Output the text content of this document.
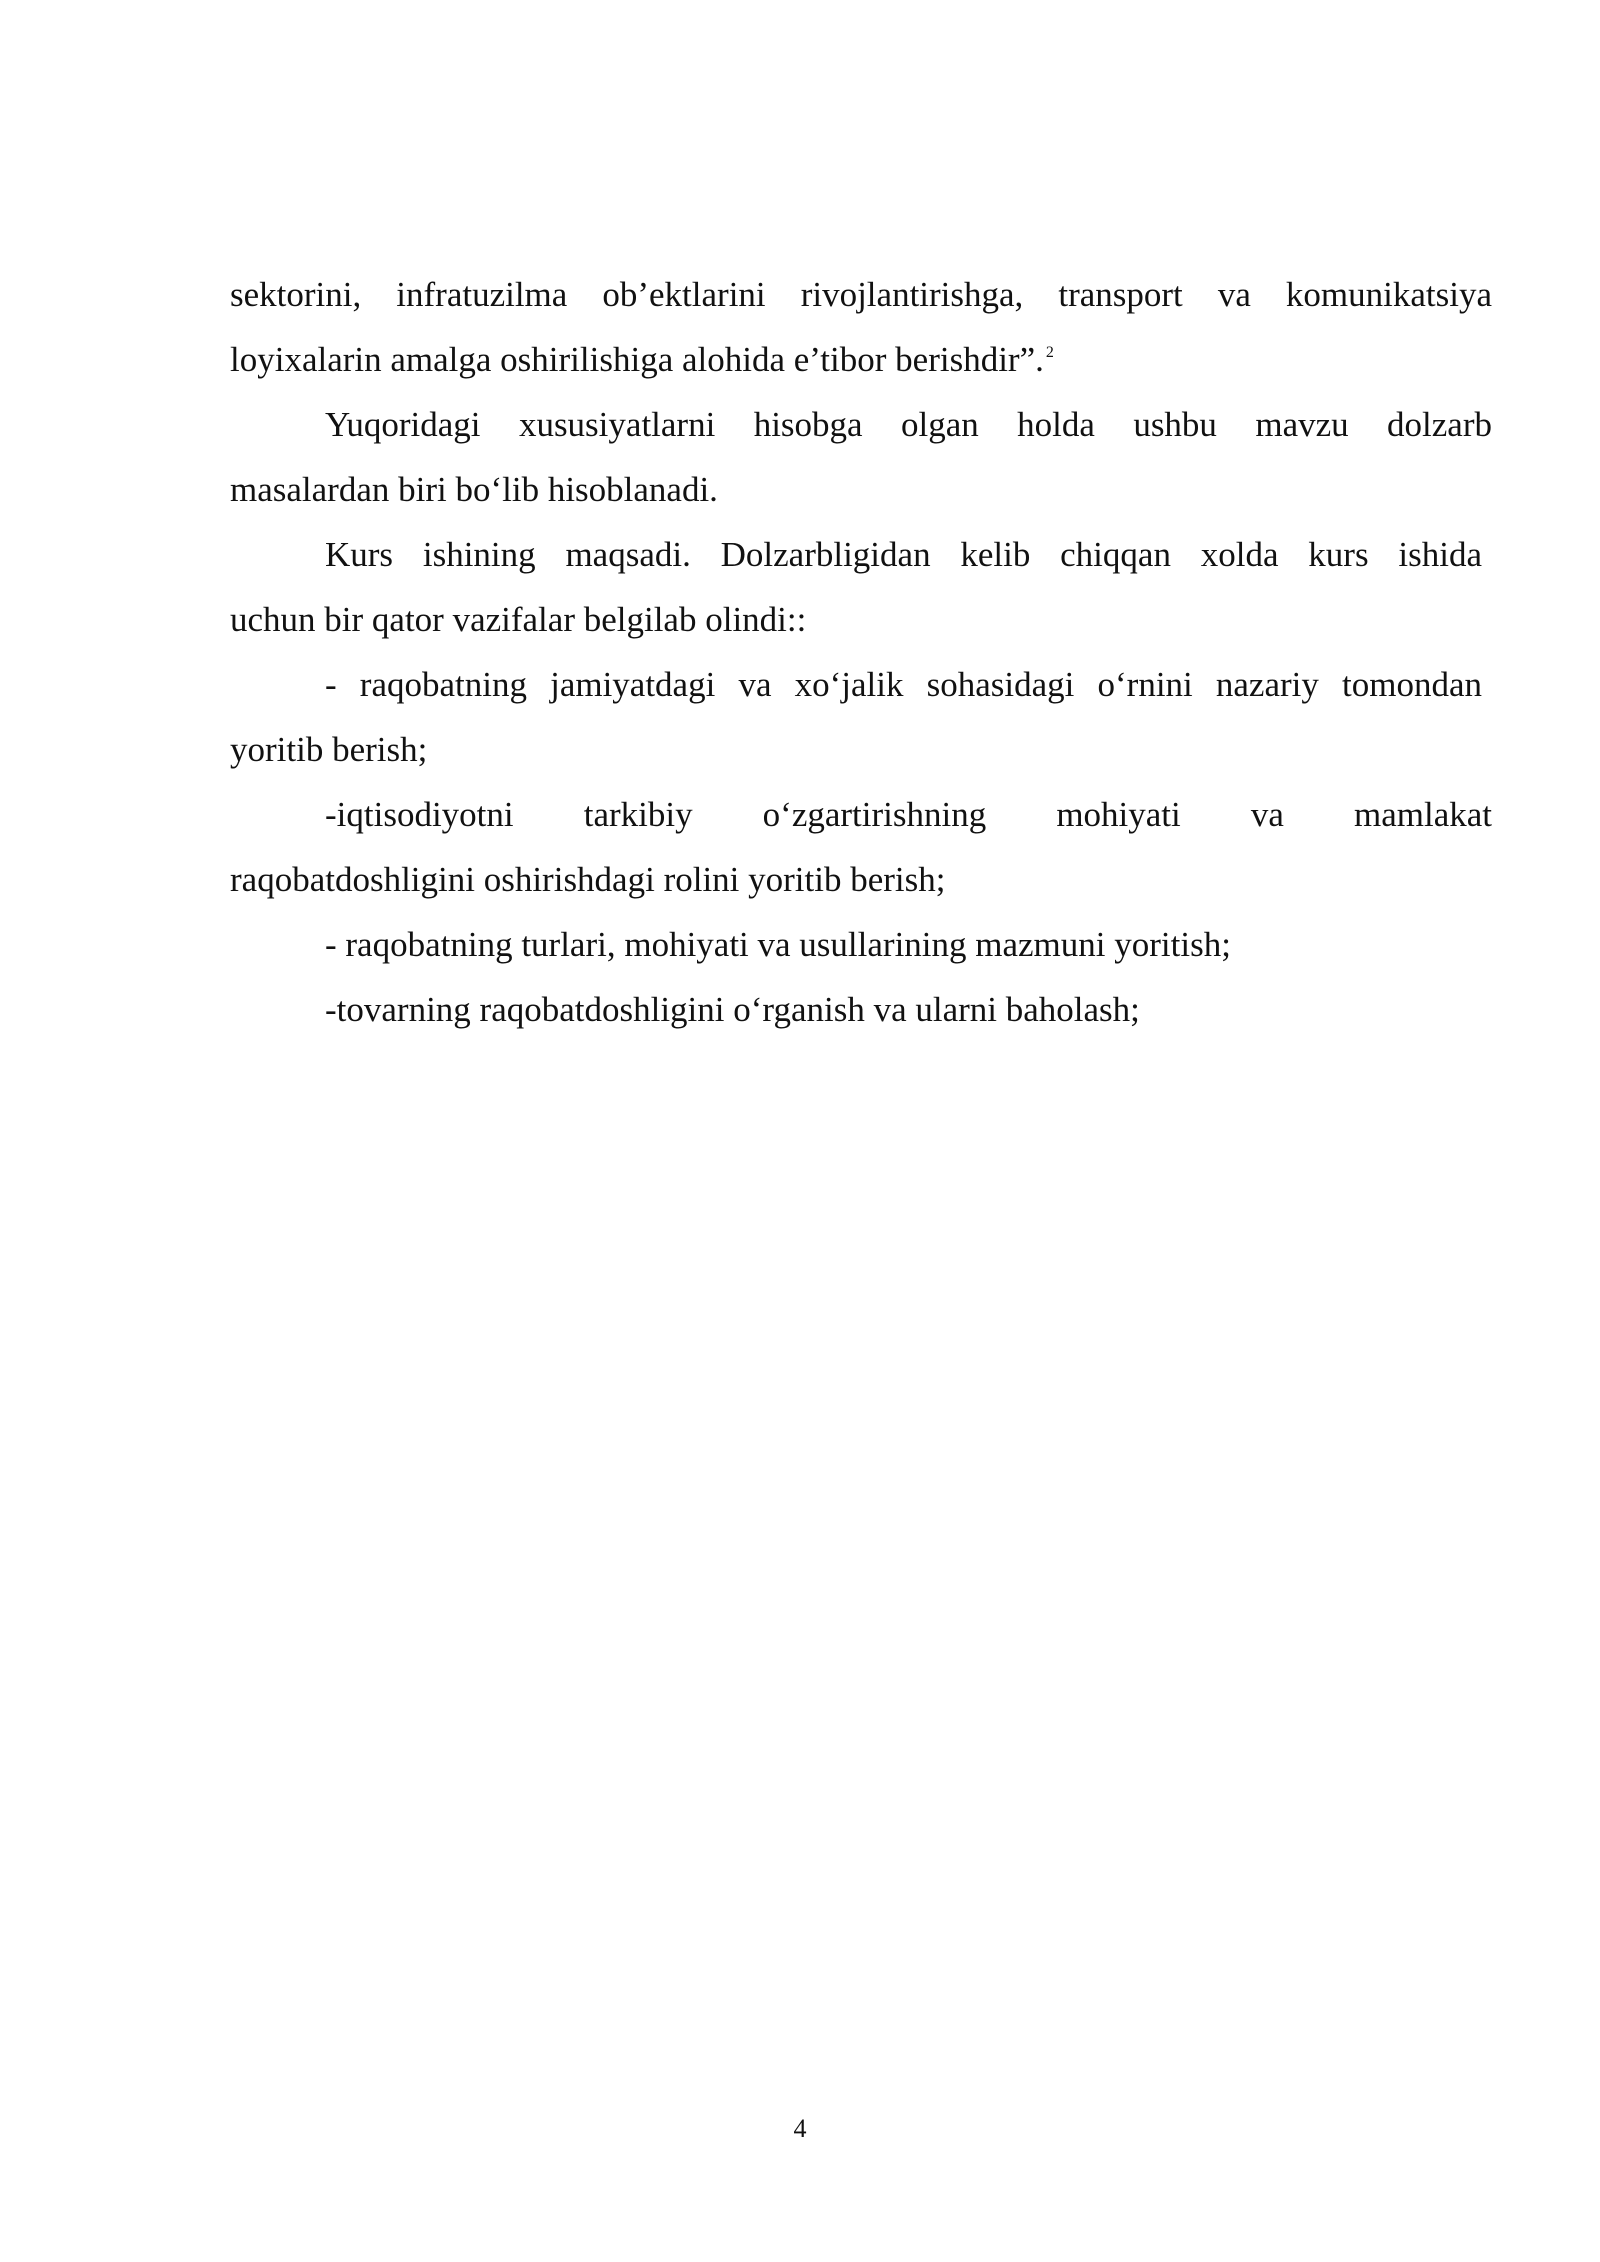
sektorini, infratuzilma ob’ektlarini rivojlantirishga, transport va komunikatsiya
loyixalarin amalga oshirilishiga alohida e’tibor berishdir”. $^2$
Yuqoridagi xususiyatlarni hisobga olgan holda ushbu mavzu dolzarb
masalardan biri bo‘lib hisoblanadi.
Kurs ishining maqsadi. Dolzarbligidan kelib chiqqan xolda kurs ishida
uchun bir qator vazifalar belgilab olindi::
- raqobatning jamiyatdagi va xo‘jalik sohasidagi o‘rnini nazariy tomondan
yoritib berish;
-iqtisodiyotni tarkibiy o‘zgartirishning mohiyati va mamlakat
raqobatdoshligini oshirishdagi rolini yoritib berish;
- raqobatning turlari, mohiyati va usullarining mazmuni yoritish;
-tovarning raqobatdoshligini o‘rganish va ularni baholash;
4
